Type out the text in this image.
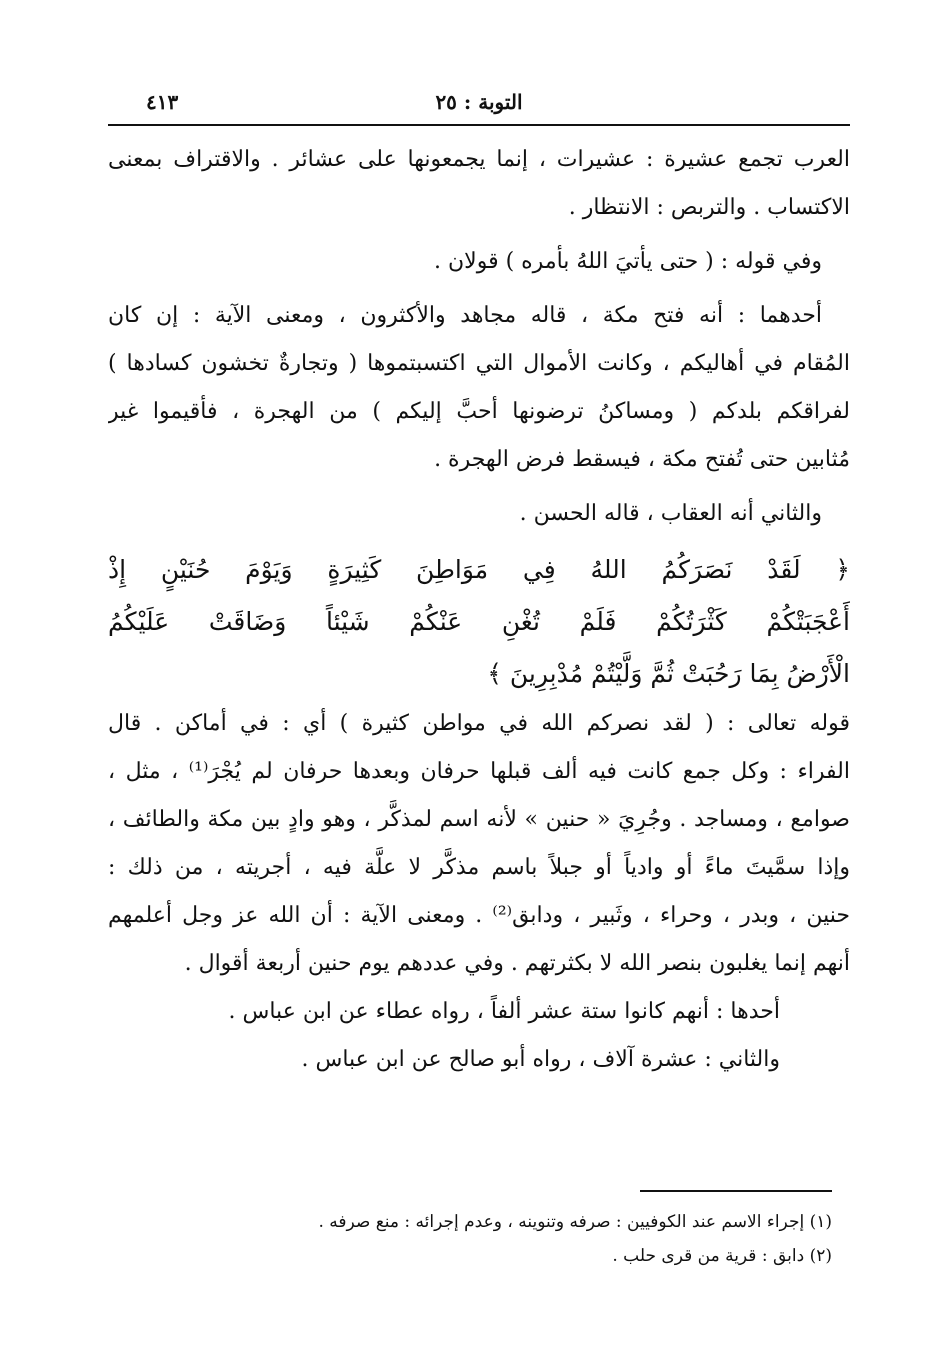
التوبة : ٢٥
٤١٣
العرب تجمع عشيرة : عشيرات ، إنما يجمعونها على عشائر . والاقتراف بمعنى
الاكتساب . والتربص : الانتظار .
وفي قوله : ( حتى يأتيَ اللهُ بأمره ) قولان .
أحدهما : أنه فتح مكة ، قاله مجاهد والأكثرون ، ومعنى الآية : إن كان
المُقام في أهاليكم ، وكانت الأموال التي اكتسبتموها ( وتجارةٌ تخشون كسادها )
لفراقكم بلدكم ( ومساكنُ ترضونها أحبَّ إليكم ) من الهجرة ، فأقيموا غير
مُثابين حتى تُفتح مكة ، فيسقط فرض الهجرة .
والثاني أنه العقاب ، قاله الحسن .
﴿ لَقَدْ نَصَرَكُمُ اللهُ فِي مَوَاطِنَ كَثِيرَةٍ وَيَوْمَ حُنَيْنٍ إِذْ
أَعْجَبَتْكُمْ كَثْرَتُكُمْ فَلَمْ تُغْنِ عَنْكُمْ شَيْئاً وَضَاقَتْ عَلَيْكُمُ
الْأَرْضُ بِمَا رَحُبَتْ ثُمَّ وَلَّيْتُمْ مُدْبِرِينَ ﴾
قوله تعالى : ( لقد نصركم الله في مواطن كثيرة ) أي : في أماكن . قال
الفراء : وكل جمع كانت فيه ألف قبلها حرفان وبعدها حرفان لم يُجْرَ⁽¹⁾ ، مثل ،
صوامع ، ومساجد . وجُرِيَ « حنين » لأنه اسم لمذكَّر ، وهو وادٍ بين مكة والطائف ،
وإذا سمَّيتَ ماءً أو وادياً أو جبلاً باسم مذكَّر لا علَّة فيه ، أجريته ، من ذلك :
حنين ، وبدر ، وحراء ، وثَبير ، ودابق⁽²⁾ . ومعنى الآية : أن الله عز وجل أعلمهم
أنهم إنما يغلبون بنصر الله لا بكثرتهم . وفي عددهم يوم حنين أربعة أقوال .
أحدها : أنهم كانوا ستة عشر ألفاً ، رواه عطاء عن ابن عباس .
والثاني : عشرة آلاف ، رواه أبو صالح عن ابن عباس .
(١) إجراء الاسم عند الكوفيين : صرفه وتنوينه ، وعدم إجرائه : منع صرفه .
(٢) دابق : قرية من قرى حلب .
